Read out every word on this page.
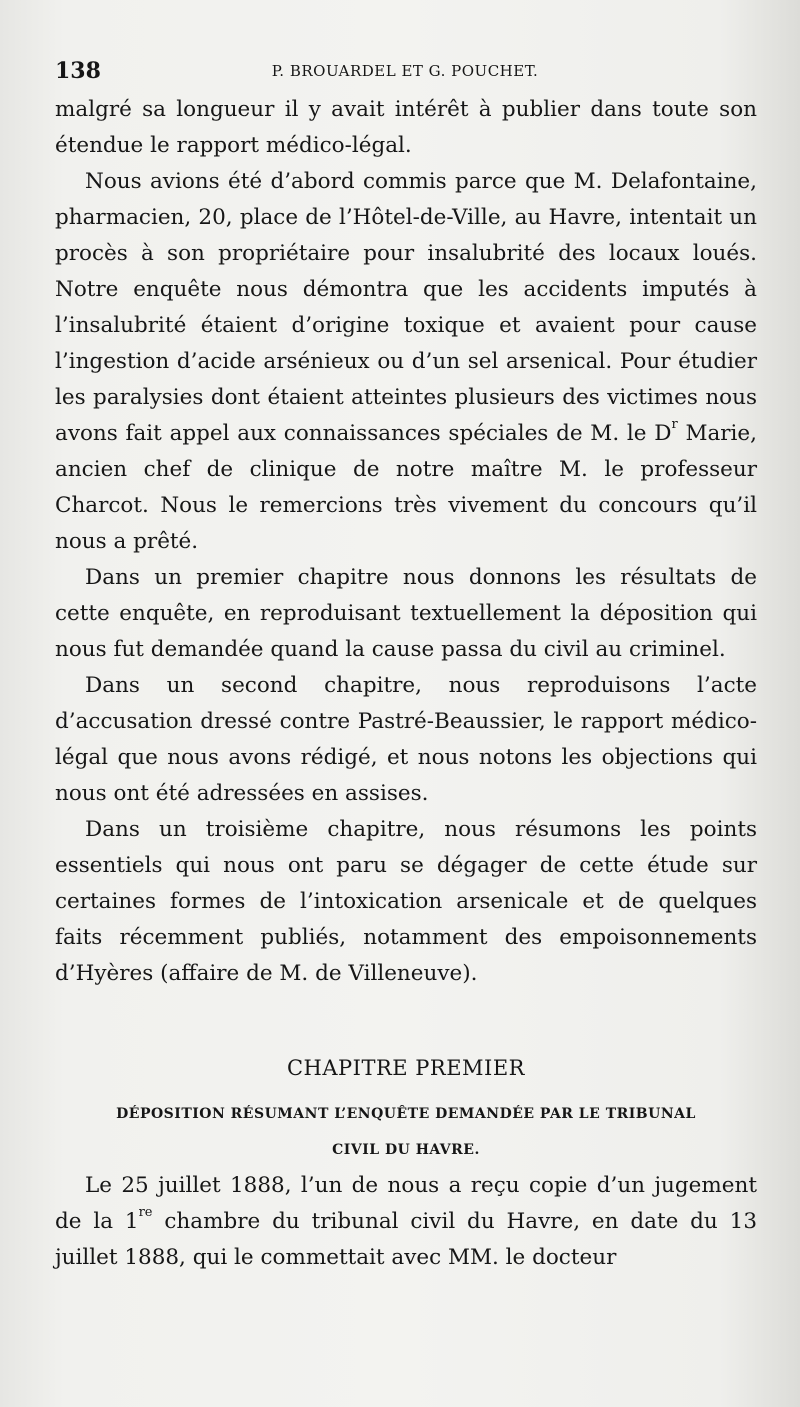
138	P. BROUARDEL ET G. POUCHET.

malgré sa longueur il y avait intérêt à publier dans toute son étendue le rapport médico-légal.

Nous avions été d’abord commis parce que M. Delafontaine, pharmacien, 20, place de l’Hôtel-de-Ville, au Havre, intentait un procès à son propriétaire pour insalubrité des locaux loués. Notre enquête nous démontra que les accidents imputés à l’insalubrité étaient d’origine toxique et avaient pour cause l’ingestion d’acide arsénieux ou d’un sel arsenical. Pour étudier les paralysies dont étaient atteintes plusieurs des victimes nous avons fait appel aux connaissances spéciales de M. le $D^r$ Marie, ancien chef de clinique de notre maître M. le professeur Charcot. Nous le remercions très vivement du concours qu’il nous a prêté.

Dans un premier chapitre nous donnons les résultats de cette enquête, en reproduisant textuellement la déposition qui nous fut demandée quand la cause passa du civil au criminel.

Dans un second chapitre, nous reproduisons l’acte d’accusation dressé contre Pastré-Beaussier, le rapport médico-légal que nous avons rédigé, et nous notons les objections qui nous ont été adressées en assises.

Dans un troisième chapitre, nous résumons les points essentiels qui nous ont paru se dégager de cette étude sur certaines formes de l’intoxication arsenicale et de quelques faits récemment publiés, notamment des empoisonnements d’Hyères (affaire de M. de Villeneuve).

CHAPITRE PREMIER
DÉPOSITION RÉSUMANT L’ENQUÊTE DEMANDÉE PAR LE TRIBUNAL
CIVIL DU HAVRE.

Le 25 juillet 1888, l’un de nous a reçu copie d’un jugement de la 1re chambre du tribunal civil du Havre, en date du 13 juillet 1888, qui le commettait avec MM. le docteur
